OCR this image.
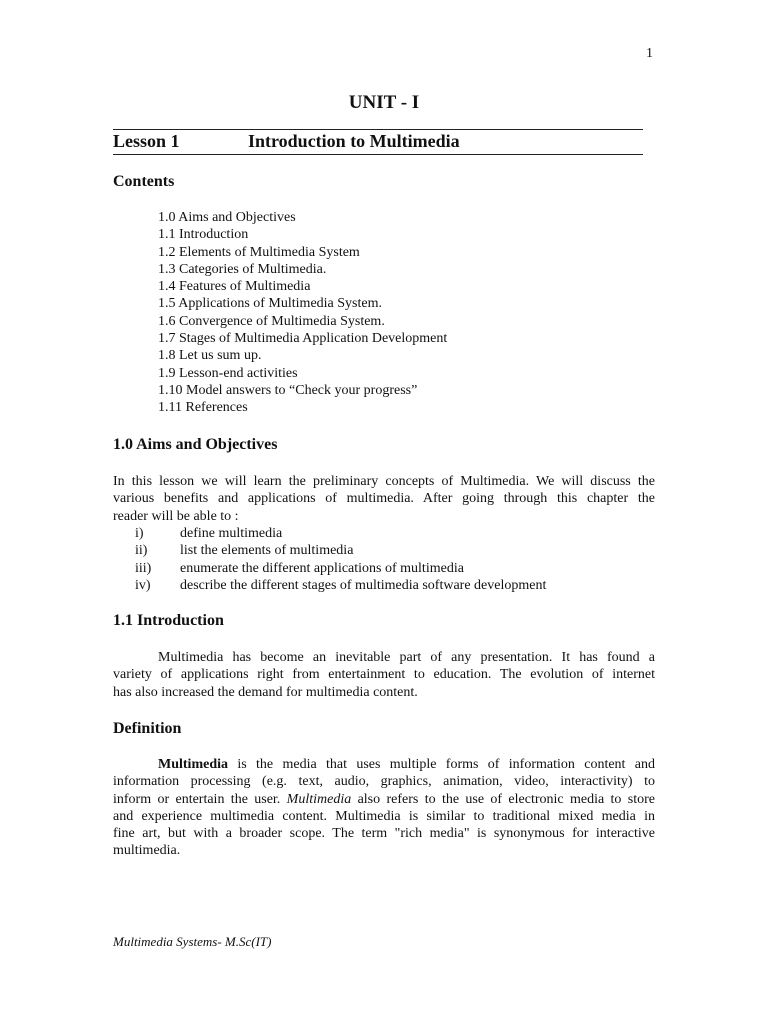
1
UNIT - I
Lesson 1	Introduction to Multimedia
Contents
1.0 Aims and Objectives
1.1 Introduction
1.2 Elements of Multimedia System
1.3 Categories of Multimedia.
1.4 Features of Multimedia
1.5 Applications of Multimedia System.
1.6 Convergence of Multimedia System.
1.7 Stages of Multimedia Application Development
1.8 Let us sum up.
1.9 Lesson-end activities
1.10 Model answers to “Check your progress”
1.11 References
1.0 Aims and Objectives
In this lesson we will learn the preliminary concepts of Multimedia. We will discuss the
various benefits and applications of multimedia. After going through this chapter the
reader will be able to :
i)	define multimedia
ii)	list the elements of multimedia
iii)	enumerate the different applications of multimedia
iv)	describe the different stages of multimedia software development
1.1 Introduction
Multimedia has become an inevitable part of any presentation. It has found a
variety of applications right from entertainment to education. The evolution of internet
has also increased the demand for multimedia content.
Definition
Multimedia is the media that uses multiple forms of information content and
information processing (e.g. text, audio, graphics, animation, video, interactivity) to
inform or entertain the user. Multimedia also refers to the use of electronic media to store
and experience multimedia content. Multimedia is similar to traditional mixed media in
fine art, but with a broader scope. The term "rich media" is synonymous for interactive
multimedia.
Multimedia Systems- M.Sc(IT)
